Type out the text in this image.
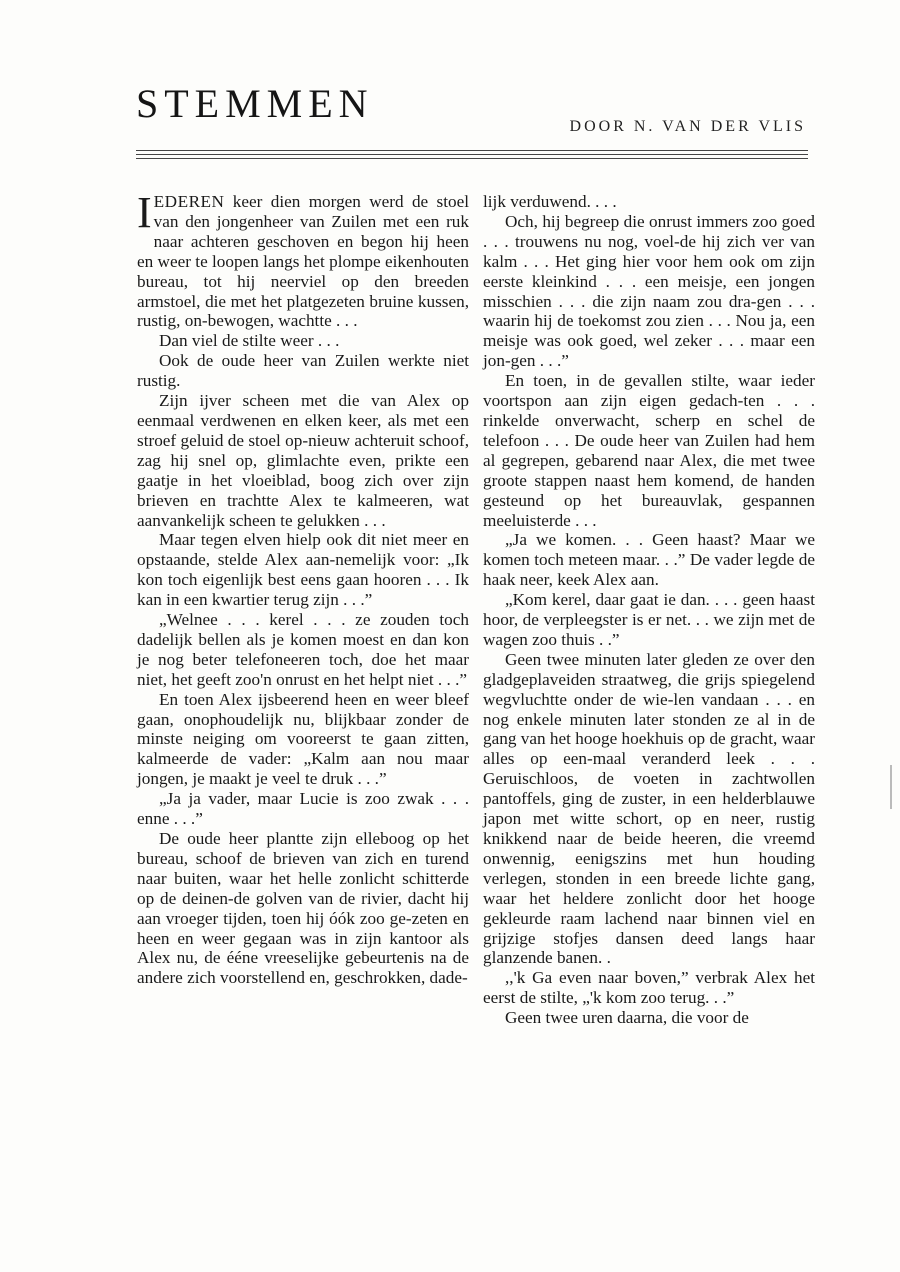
STEMMEN

DOOR N. VAN DER VLIS

IEDEREN keer dien morgen werd de stoel van den jongenheer van Zuilen met een ruk naar achteren geschoven en begon hij heen en weer te loopen langs het plompe eikenhouten bureau, tot hij neerviel op den breeden armstoel, die met het platgezeten bruine kussen, rustig, on-bewogen, wachtte . . .

Dan viel de stilte weer . . .

Ook de oude heer van Zuilen werkte niet rustig.

Zijn ijver scheen met die van Alex op eenmaal verdwenen en elken keer, als met een stroef geluid de stoel op-nieuw achteruit schoof, zag hij snel op, glimlachte even, prikte een gaatje in het vloeiblad, boog zich over zijn brieven en trachtte Alex te kalmeeren, wat aanvankelijk scheen te gelukken . . .

Maar tegen elven hielp ook dit niet meer en opstaande, stelde Alex aan-nemelijk voor: „Ik kon toch eigenlijk best eens gaan hooren . . . Ik kan in een kwartier terug zijn . . .”

„Welnee . . . kerel . . . ze zouden toch dadelijk bellen als je komen moest en dan kon je nog beter telefoneeren toch, doe het maar niet, het geeft zoo'n onrust en het helpt niet . . .”

En toen Alex ijsbeerend heen en weer bleef gaan, onophoudelijk nu, blijkbaar zonder de minste neiging om vooreerst te gaan zitten, kalmeerde de vader: „Kalm aan nou maar jongen, je maakt je veel te druk . . .”

„Ja ja vader, maar Lucie is zoo zwak . . . enne . . .”

De oude heer plantte zijn elleboog op het bureau, schoof de brieven van zich en turend naar buiten, waar het helle zonlicht schitterde op de deinen-de golven van de rivier, dacht hij aan vroeger tijden, toen hij óók zoo ge-zeten en heen en weer gegaan was in zijn kantoor als Alex nu, de ééne vreeselijke gebeurtenis na de andere zich voorstellend en, geschrokken, dade-

lijk verduwend. . . .

Och, hij begreep die onrust immers zoo goed . . . trouwens nu nog, voel-de hij zich ver van kalm . . . Het ging hier voor hem ook om zijn eerste kleinkind . . . een meisje, een jongen misschien . . . die zijn naam zou dra-gen . . . waarin hij de toekomst zou zien . . . Nou ja, een meisje was ook goed, wel zeker . . . maar een jon-gen . . .”

En toen, in de gevallen stilte, waar ieder voortspon aan zijn eigen gedach-ten . . . rinkelde onverwacht, scherp en schel de telefoon . . . De oude heer van Zuilen had hem al gegrepen, gebarend naar Alex, die met twee groote stappen naast hem komend, de handen gesteund op het bureauvlak, gespannen meeluisterde . . .

„Ja we komen. . . Geen haast? Maar we komen toch meteen maar. . .” De vader legde de haak neer, keek Alex aan.

„Kom kerel, daar gaat ie dan. . . . geen haast hoor, de verpleegster is er net. . . we zijn met de wagen zoo thuis . .”

Geen twee minuten later gleden ze over den gladgeplaveiden straatweg, die grijs spiegelend wegvluchtte onder de wie-len vandaan . . . en nog enkele minuten later stonden ze al in de gang van het hooge hoekhuis op de gracht, waar alles op een-maal veranderd leek . . . Geruischloos, de voeten in zachtwollen pantoffels, ging de zuster, in een helderblauwe japon met witte schort, op en neer, rustig knikkend naar de beide heeren, die vreemd onwennig, eenigszins met hun houding verlegen, stonden in een breede lichte gang, waar het heldere zonlicht door het hooge gekleurde raam lachend naar binnen viel en grijzige stofjes dansen deed langs haar glanzende banen. .

,,'k Ga even naar boven,” verbrak Alex het eerst de stilte, „'k kom zoo terug. . .”

Geen twee uren daarna, die voor de
